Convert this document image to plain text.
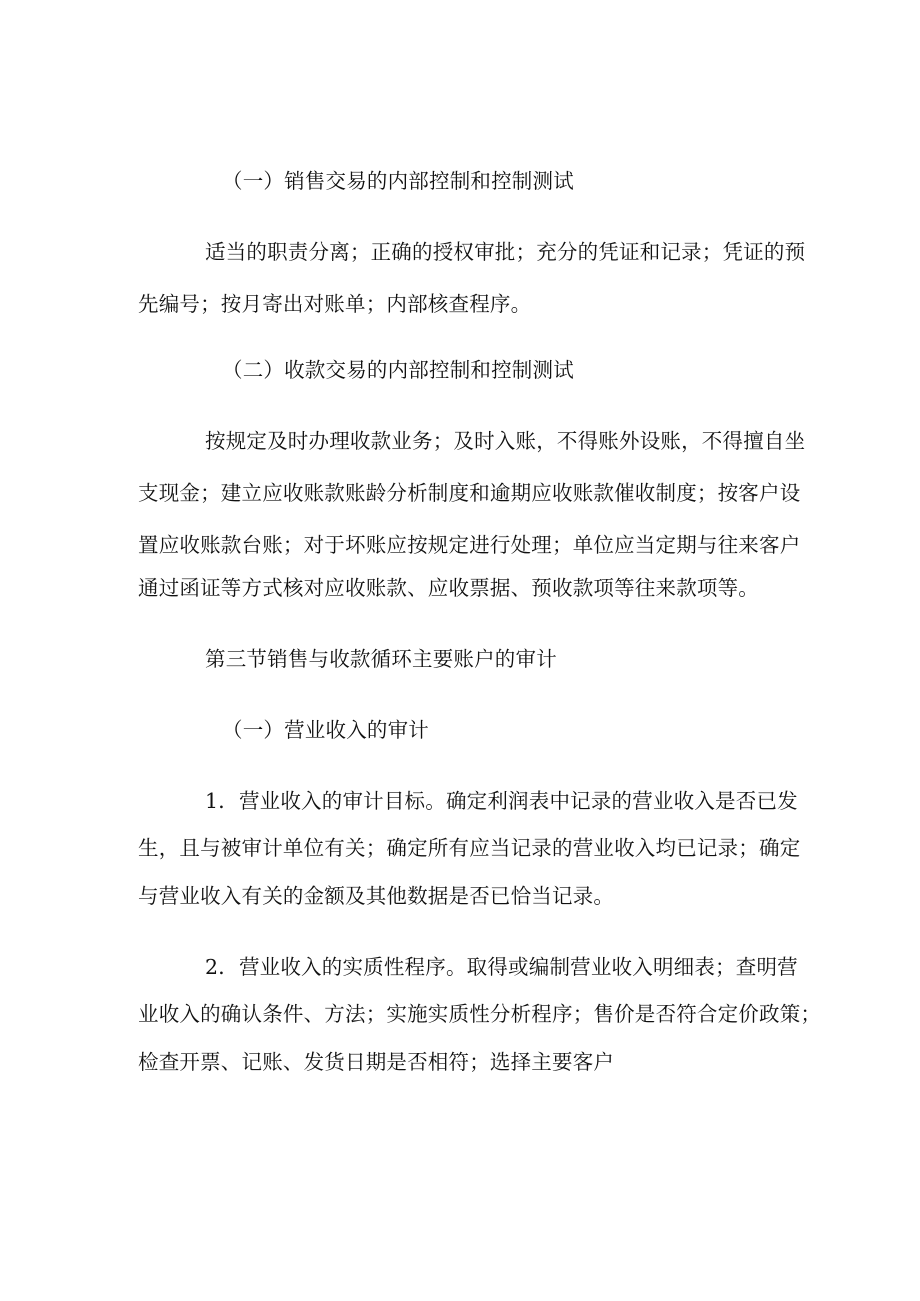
（一）销售交易的内部控制和控制测试
适当的职责分离；正确的授权审批；充分的凭证和记录；凭证的预
先编号；按月寄出对账单；内部核查程序。
（二）收款交易的内部控制和控制测试
按规定及时办理收款业务；及时入账，不得账外设账，不得擅自坐
支现金；建立应收账款账龄分析制度和逾期应收账款催收制度；按客户设
置应收账款台账；对于坏账应按规定进行处理；单位应当定期与往来客户
通过函证等方式核对应收账款、应收票据、预收款项等往来款项等。
第三节销售与收款循环主要账户的审计
（一）营业收入的审计
1．营业收入的审计目标。确定利润表中记录的营业收入是否已发
生，且与被审计单位有关；确定所有应当记录的营业收入均已记录；确定
与营业收入有关的金额及其他数据是否已恰当记录。
2．营业收入的实质性程序。取得或编制营业收入明细表；查明营
业收入的确认条件、方法；实施实质性分析程序；售价是否符合定价政策；
检查开票、记账、发货日期是否相符；选择主要客户
